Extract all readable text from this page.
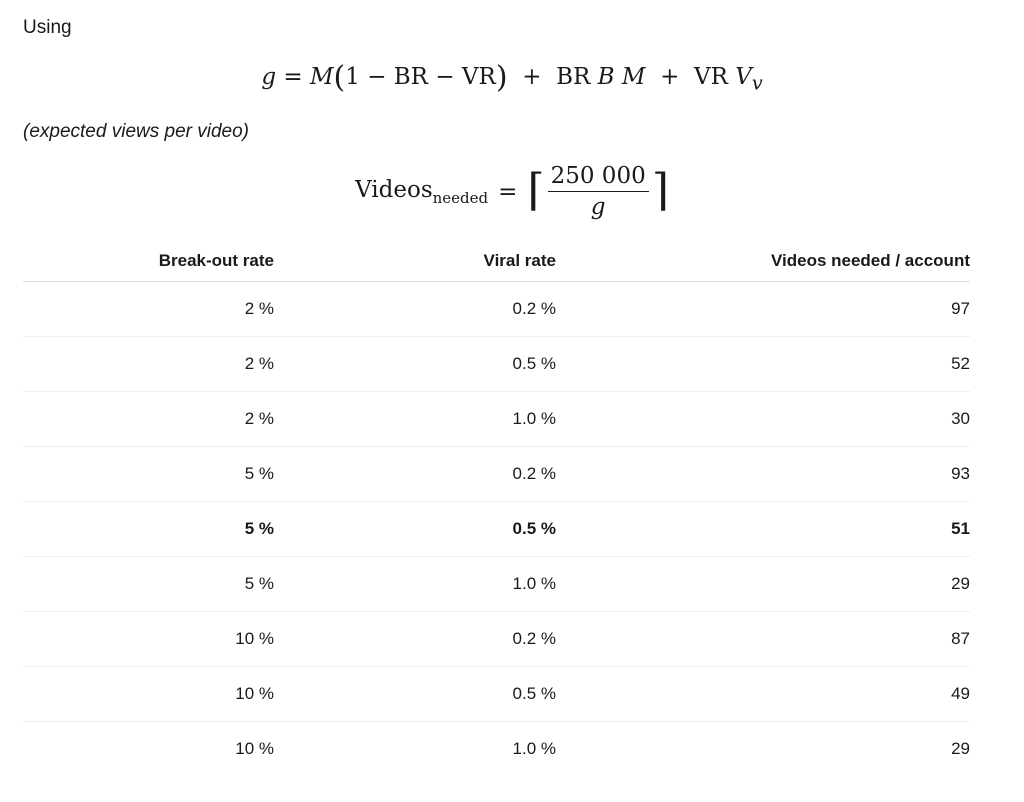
Using
g = M(1 − BR − VR) + BR B M + VR $V_v$
(expected views per video)
Videos$_{needed}$ = ⌈ $\frac{250 000}{g}$ ⌉
Break-out rate	Viral rate	Videos needed / account
2 %	0.2 %	97
2 %	0.5 %	52
2 %	1.0 %	30
5 %	0.2 %	93
5 %	0.5 %	51
5 %	1.0 %	29
10 %	0.2 %	87
10 %	0.5 %	49
10 %	1.0 %	29
